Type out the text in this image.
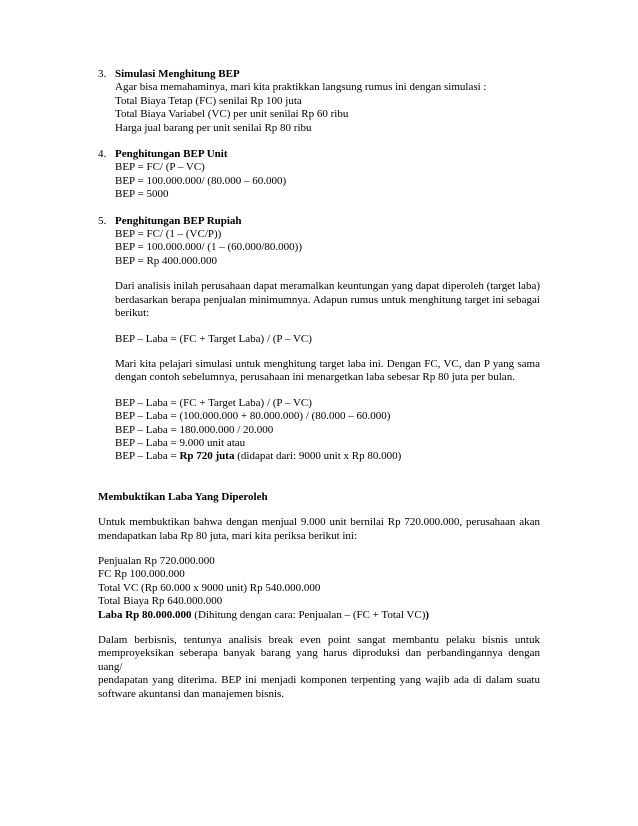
3. Simulasi Menghitung BEP
Agar bisa memahaminya, mari kita praktikkan langsung rumus ini dengan simulasi :
Total Biaya Tetap (FC) senilai Rp 100 juta
Total Biaya Variabel (VC) per unit senilai Rp 60 ribu
Harga jual barang per unit senilai Rp 80 ribu
4. Penghitungan BEP Unit
BEP = FC/ (P – VC)
BEP = 100.000.000/ (80.000 – 60.000)
BEP = 5000
5. Penghitungan BEP Rupiah
BEP = FC/ (1 – (VC/P))
BEP = 100.000.000/ (1 – (60.000/80.000))
BEP = Rp 400.000.000
Dari analisis inilah perusahaan dapat meramalkan keuntungan yang dapat diperoleh (target laba)
berdasarkan berapa penjualan minimumnya. Adapun rumus untuk menghitung target ini sebagai
berikut:
BEP – Laba = (FC + Target Laba) / (P – VC)
Mari kita pelajari simulasi untuk menghitung target laba ini. Dengan FC, VC, dan P yang sama
dengan contoh sebelumnya, perusahaan ini menargetkan laba sebesar Rp 80 juta per bulan.
BEP – Laba = (FC + Target Laba) / (P – VC)
BEP – Laba = (100.000.000 + 80.000.000) / (80.000 – 60.000)
BEP – Laba = 180.000.000 / 20.000
BEP – Laba = 9.000 unit atau
BEP – Laba = Rp 720 juta (didapat dari: 9000 unit x Rp 80.000)
Membuktikan Laba Yang Diperoleh
Untuk membuktikan bahwa dengan menjual 9.000 unit bernilai Rp 720.000.000, perusahaan akan
mendapatkan laba Rp 80 juta, mari kita periksa berikut ini:
Penjualan Rp 720.000.000
FC Rp 100.000.000
Total VC (Rp 60.000 x 9000 unit) Rp 540.000.000
Total Biaya Rp 640.000.000
Laba Rp 80.000.000 (Dihitung dengan cara: Penjualan – (FC + Total VC))
Dalam berbisnis, tentunya analisis break even point sangat membantu pelaku bisnis untuk
memproyeksikan seberapa banyak barang yang harus diproduksi dan perbandingannya dengan uang/
pendapatan yang diterima. BEP ini menjadi komponen terpenting yang wajib ada di dalam suatu
software akuntansi dan manajemen bisnis.
